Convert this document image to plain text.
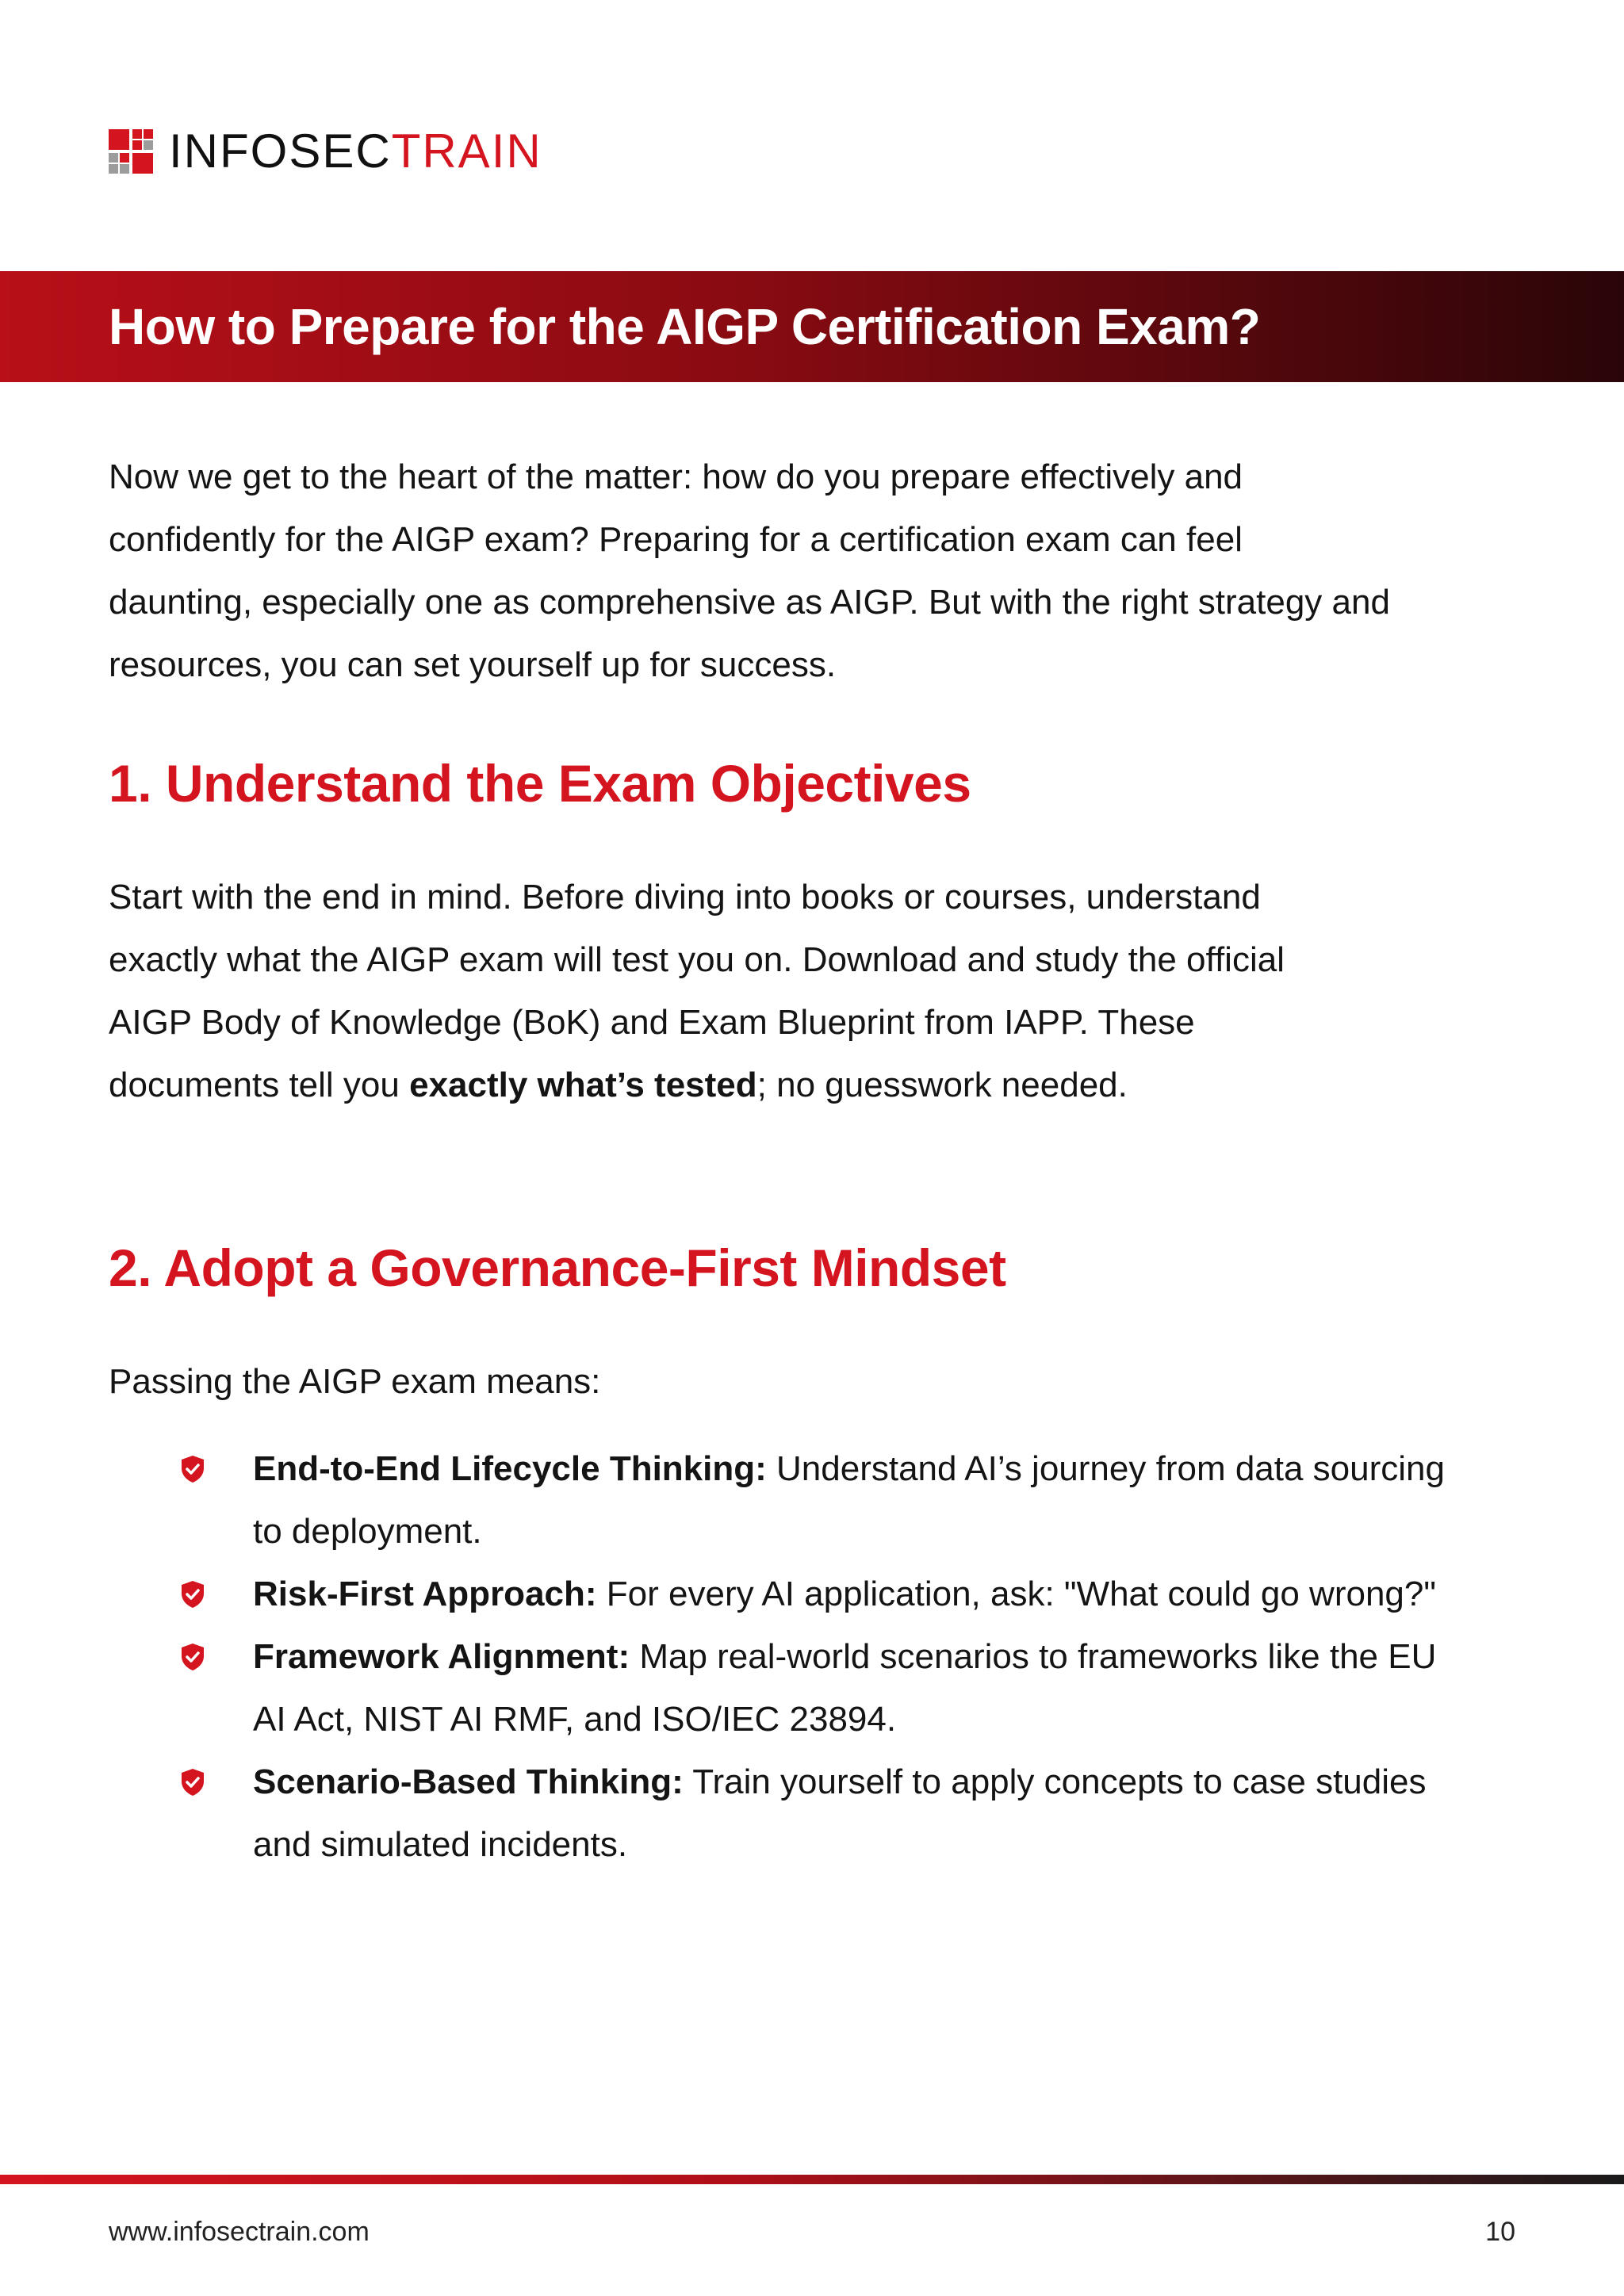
INFOSECTRAIN
How to Prepare for the AIGP Certification Exam?

Now we get to the heart of the matter: how do you prepare effectively and confidently for the AIGP exam? Preparing for a certification exam can feel daunting, especially one as comprehensive as AIGP. But with the right strategy and resources, you can set yourself up for success.

1. Understand the Exam Objectives

Start with the end in mind. Before diving into books or courses, understand exactly what the AIGP exam will test you on. Download and study the official AIGP Body of Knowledge (BoK) and Exam Blueprint from IAPP. These documents tell you exactly what’s tested; no guesswork needed.

2. Adopt a Governance-First Mindset

Passing the AIGP exam means:

End-to-End Lifecycle Thinking: Understand AI’s journey from data sourcing to deployment.
Risk-First Approach: For every AI application, ask: "What could go wrong?"
Framework Alignment: Map real-world scenarios to frameworks like the EU AI Act, NIST AI RMF, and ISO/IEC 23894.
Scenario-Based Thinking: Train yourself to apply concepts to case studies and simulated incidents.
www.infosectrain.com	10
